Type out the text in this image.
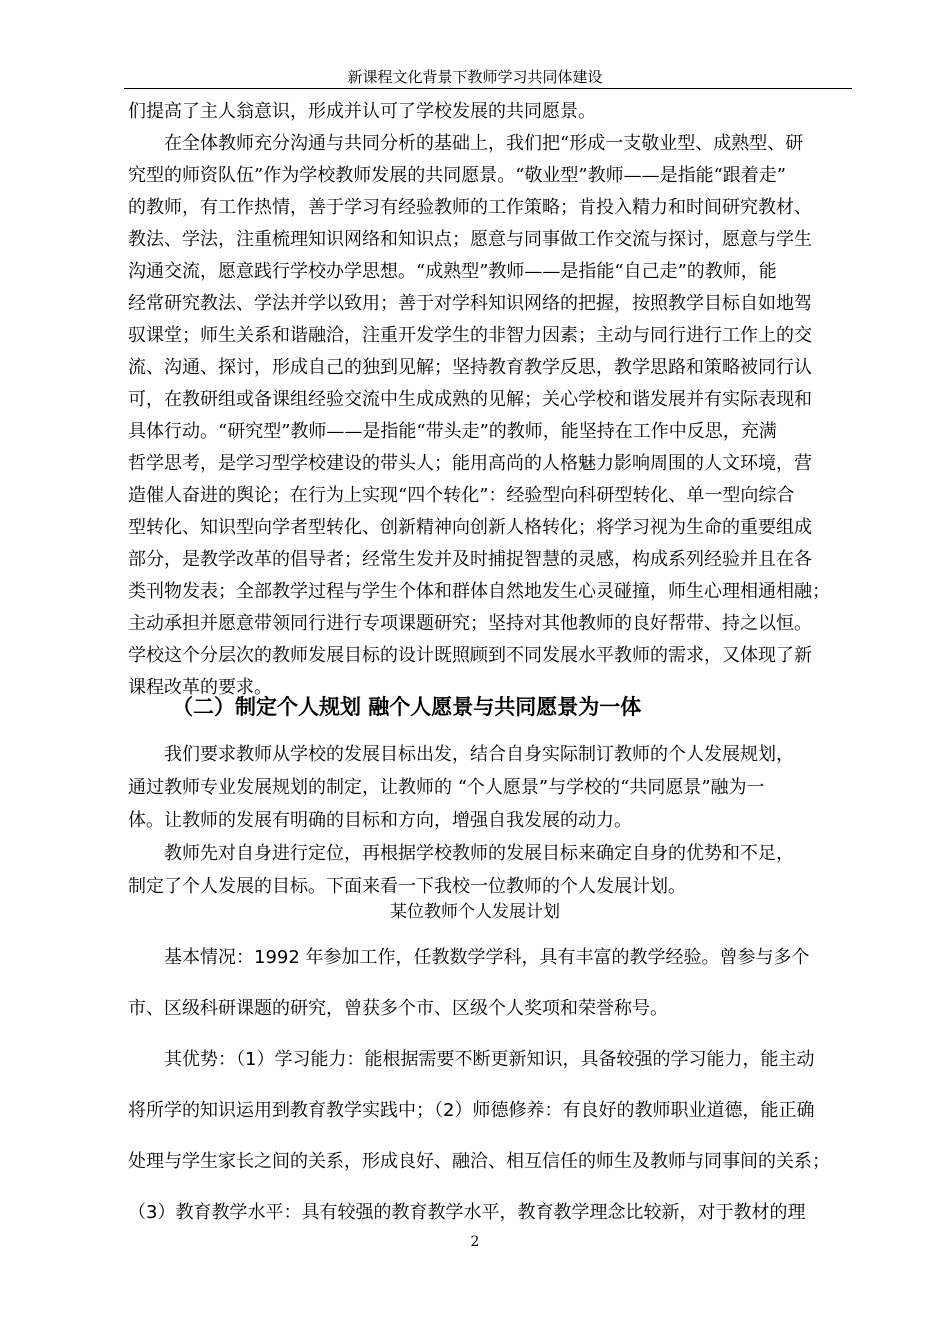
新课程文化背景下教师学习共同体建设
们提高了主人翁意识，形成并认可了学校发展的共同愿景。
　　在全体教师充分沟通与共同分析的基础上，我们把“形成一支敬业型、成熟型、研
究型的师资队伍”作为学校教师发展的共同愿景。“敬业型”教师——是指能“跟着走”
的教师，有工作热情，善于学习有经验教师的工作策略；肯投入精力和时间研究教材、
教法、学法，注重梳理知识网络和知识点；愿意与同事做工作交流与探讨，愿意与学生
沟通交流，愿意践行学校办学思想。“成熟型”教师——是指能“自己走”的教师，能
经常研究教法、学法并学以致用；善于对学科知识网络的把握，按照教学目标自如地驾
驭课堂；师生关系和谐融洽，注重开发学生的非智力因素；主动与同行进行工作上的交
流、沟通、探讨，形成自己的独到见解；坚持教育教学反思，教学思路和策略被同行认
可，在教研组或备课组经验交流中生成成熟的见解；关心学校和谐发展并有实际表现和
具体行动。“研究型”教师——是指能“带头走”的教师，能坚持在工作中反思，充满
哲学思考，是学习型学校建设的带头人；能用高尚的人格魅力影响周围的人文环境，营
造催人奋进的舆论；在行为上实现“四个转化”：经验型向科研型转化、单一型向综合
型转化、知识型向学者型转化、创新精神向创新人格转化；将学习视为生命的重要组成
部分，是教学改革的倡导者；经常生发并及时捕捉智慧的灵感，构成系列经验并且在各
类刊物发表；全部教学过程与学生个体和群体自然地发生心灵碰撞，师生心理相通相融；
主动承担并愿意带领同行进行专项课题研究；坚持对其他教师的良好帮带、持之以恒。
学校这个分层次的教师发展目标的设计既照顾到不同发展水平教师的需求，又体现了新
课程改革的要求。
（二）制定个人规划 融个人愿景与共同愿景为一体
　　我们要求教师从学校的发展目标出发，结合自身实际制订教师的个人发展规划，
通过教师专业发展规划的制定，让教师的 “个人愿景”与学校的“共同愿景”融为一
体。让教师的发展有明确的目标和方向，增强自我发展的动力。
　　教师先对自身进行定位，再根据学校教师的发展目标来确定自身的优势和不足，
制定了个人发展的目标。下面来看一下我校一位教师的个人发展计划。
某位教师个人发展计划
　　基本情况：1992 年参加工作，任教数学学科，具有丰富的教学经验。曾参与多个
市、区级科研课题的研究，曾获多个市、区级个人奖项和荣誉称号。
　　其优势：（1）学习能力：能根据需要不断更新知识，具备较强的学习能力，能主动
将所学的知识运用到教育教学实践中；（2）师德修养：有良好的教师职业道德，能正确
处理与学生家长之间的关系，形成良好、融洽、相互信任的师生及教师与同事间的关系；
（3）教育教学水平：具有较强的教育教学水平，教育教学理念比较新，对于教材的理
2
